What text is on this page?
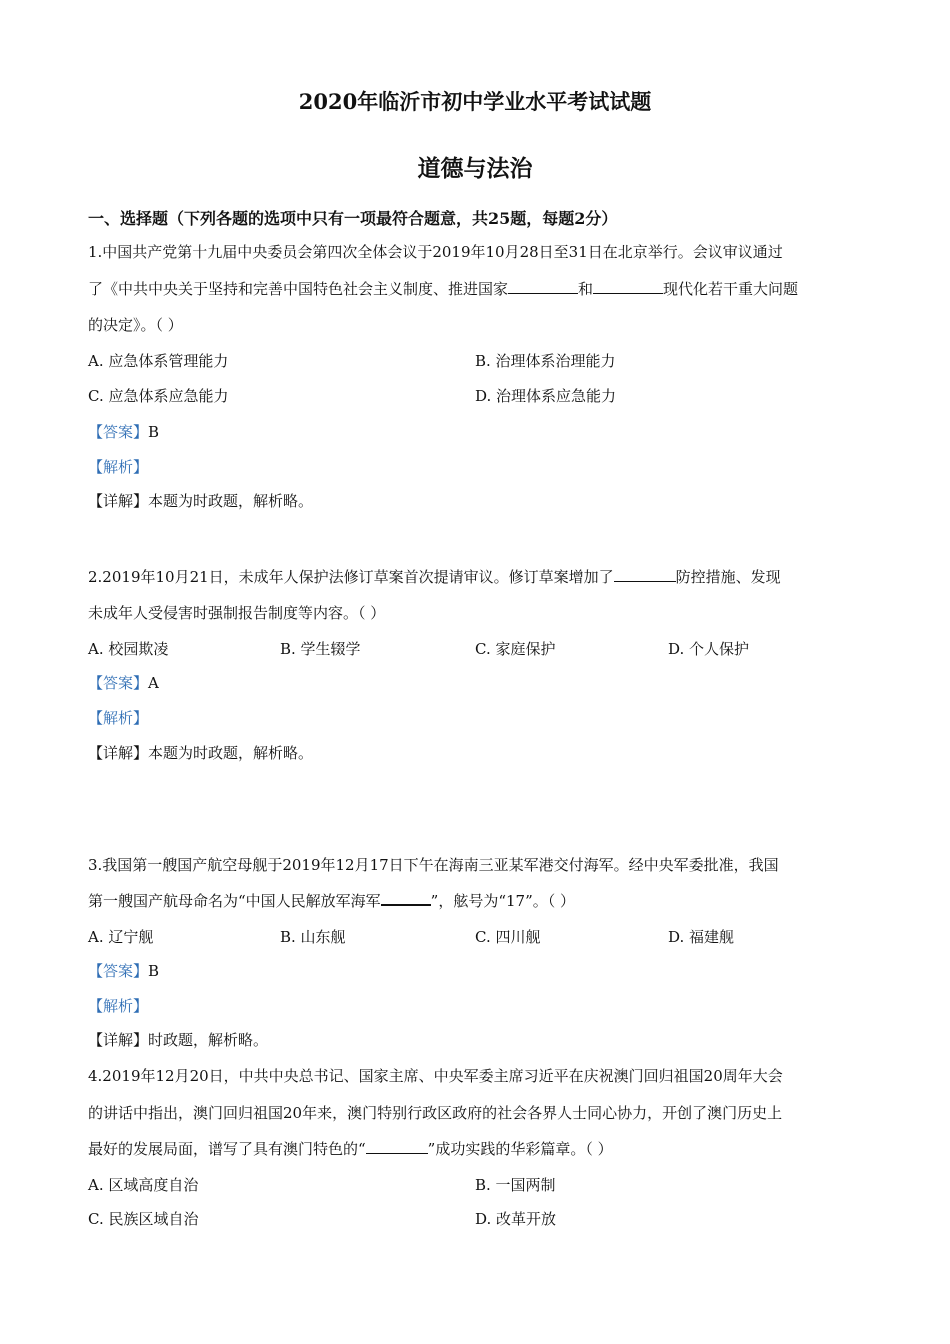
2020年临沂市初中学业水平考试试题
道德与法治
一、选择题（下列各题的选项中只有一项最符合题意，共25题，每题2分）
1.中国共产党第十九届中央委员会第四次全体会议于2019年10月28日至31日在北京举行。会议审议通过
了《中共中央关于坚持和完善中国特色社会主义制度、推进国家	和	现代化若干重大问题
的决定》。（ ）
A. 应急体系管理能力	B. 治理体系治理能力
C. 应急体系应急能力	D. 治理体系应急能力
【答案】B
【解析】
【详解】本题为时政题，解析略。
2.2019年10月21日，未成年人保护法修订草案首次提请审议。修订草案增加了	防控措施、发现
未成年人受侵害时强制报告制度等内容。（ ）
A. 校园欺凌	B. 学生辍学	C. 家庭保护	D. 个人保护
【答案】A
【解析】
【详解】本题为时政题，解析略。
3.我国第一艘国产航空母舰于2019年12月17日下午在海南三亚某军港交付海军。经中央军委批准，我国
第一艘国产航母命名为“中国人民解放军海军	”，舷号为“17”。（ ）
A. 辽宁舰	B. 山东舰	C. 四川舰	D. 福建舰
【答案】B
【解析】
【详解】时政题，解析略。
4.2019年12月20日，中共中央总书记、国家主席、中央军委主席习近平在庆祝澳门回归祖国20周年大会
的讲话中指出，澳门回归祖国20年来，澳门特别行政区政府的社会各界人士同心协力，开创了澳门历史上
最好的发展局面，谱写了具有澳门特色的“	”成功实践的华彩篇章。（ ）
A. 区域高度自治	B. 一国两制
C. 民族区域自治	D. 改革开放
